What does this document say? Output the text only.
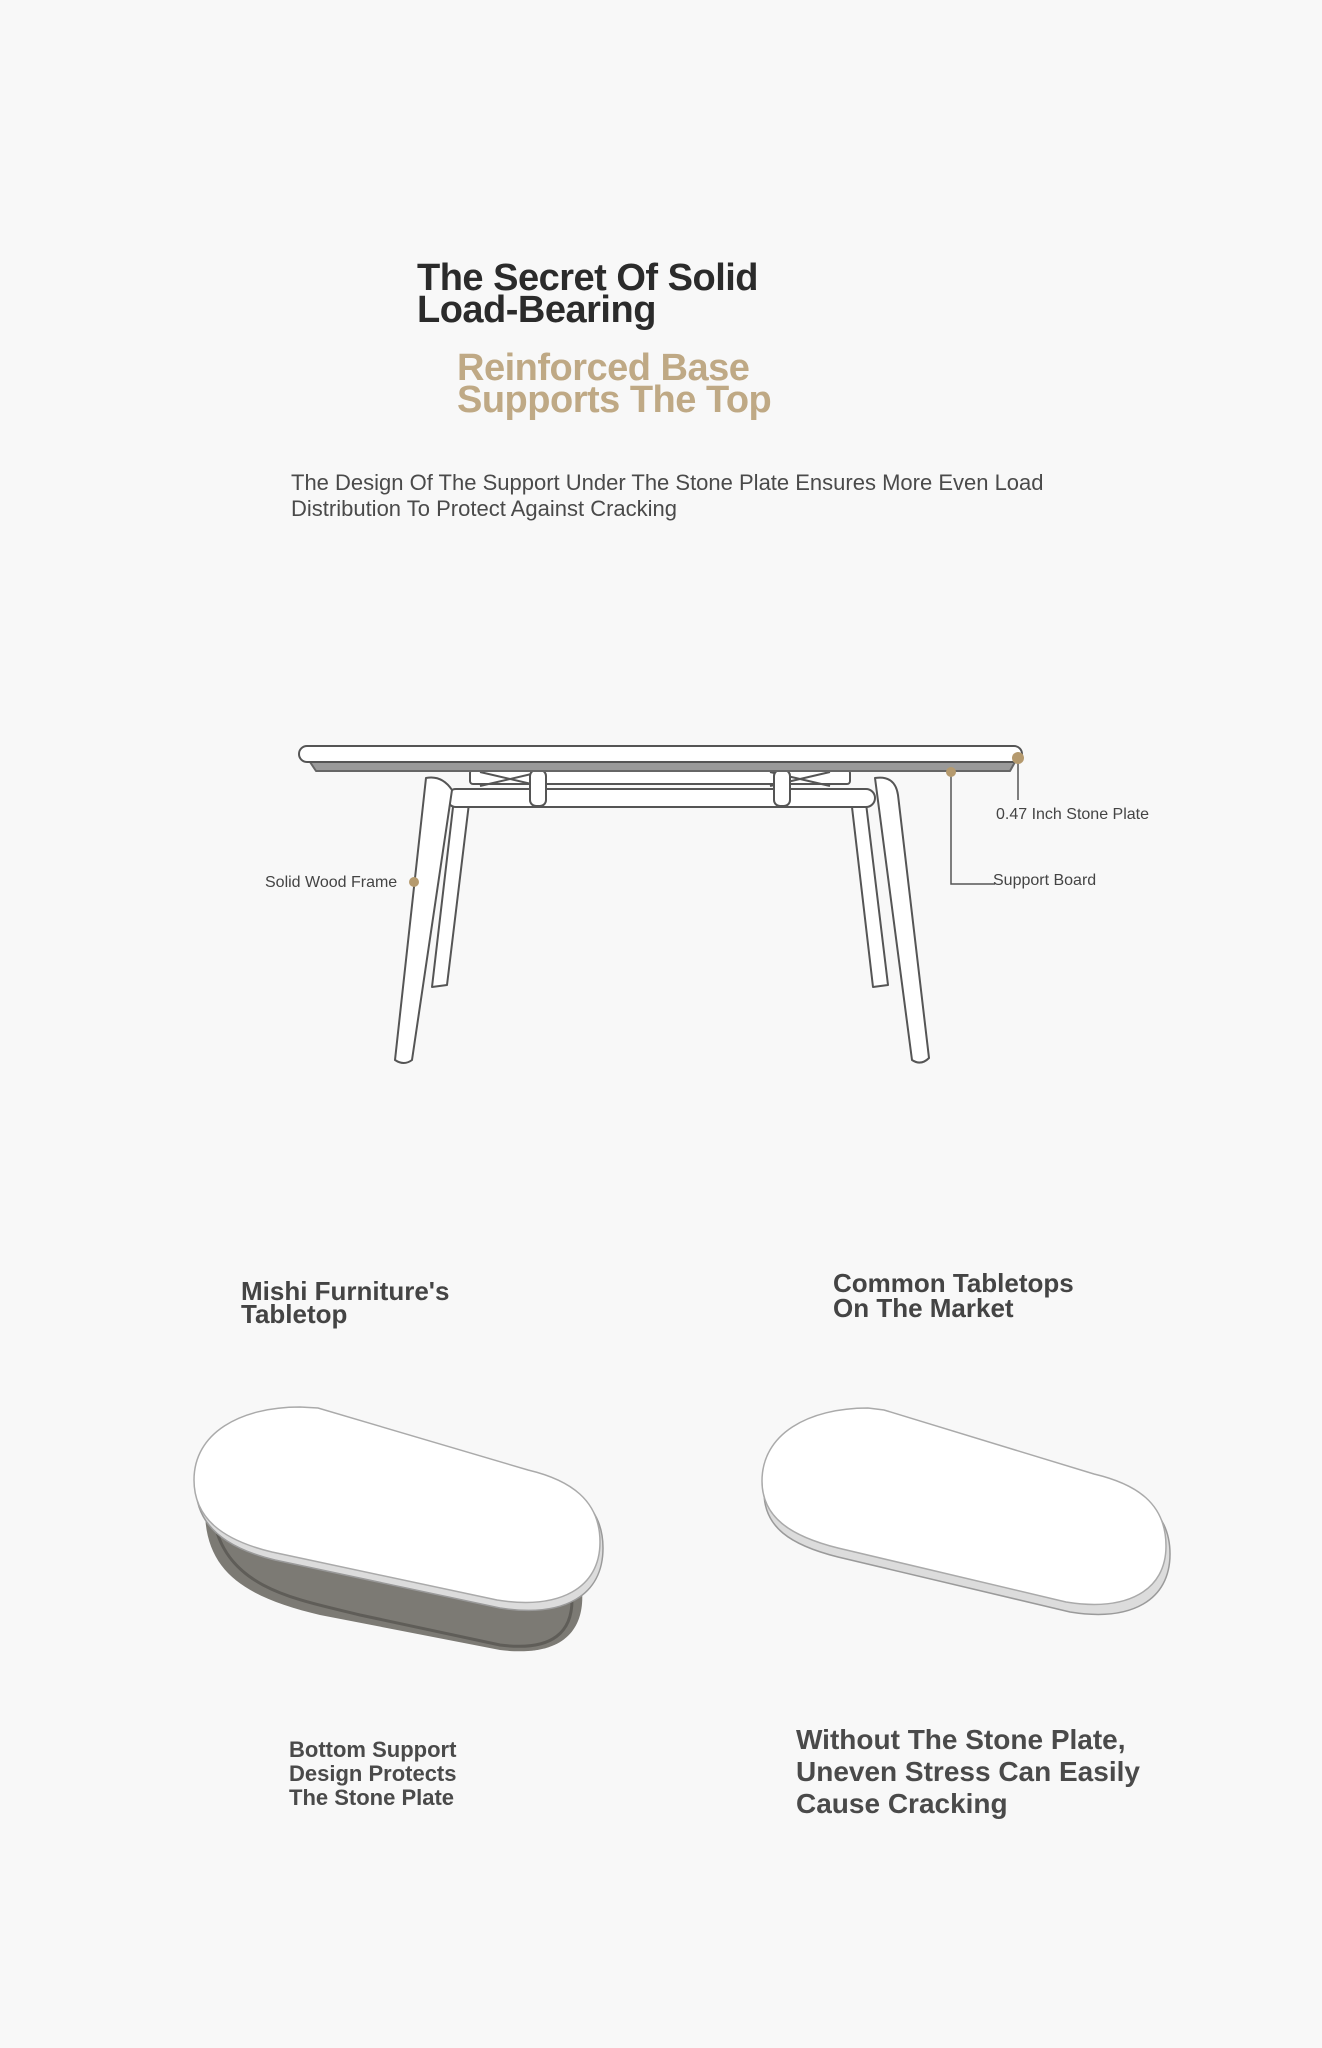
The Secret Of Solid
Load-Bearing
Reinforced Base
Supports The Top

The Design Of The Support Under The Stone Plate Ensures More Even Load
Distribution To Protect Against Cracking

0.47 Inch Stone Plate
Support Board
Solid Wood Frame
Mishi Furniture's
Tabletop
Common Tabletops
On The Market

Bottom Support
Design Protects
The Stone Plate

Without The Stone Plate,
Uneven Stress Can Easily
Cause Cracking
